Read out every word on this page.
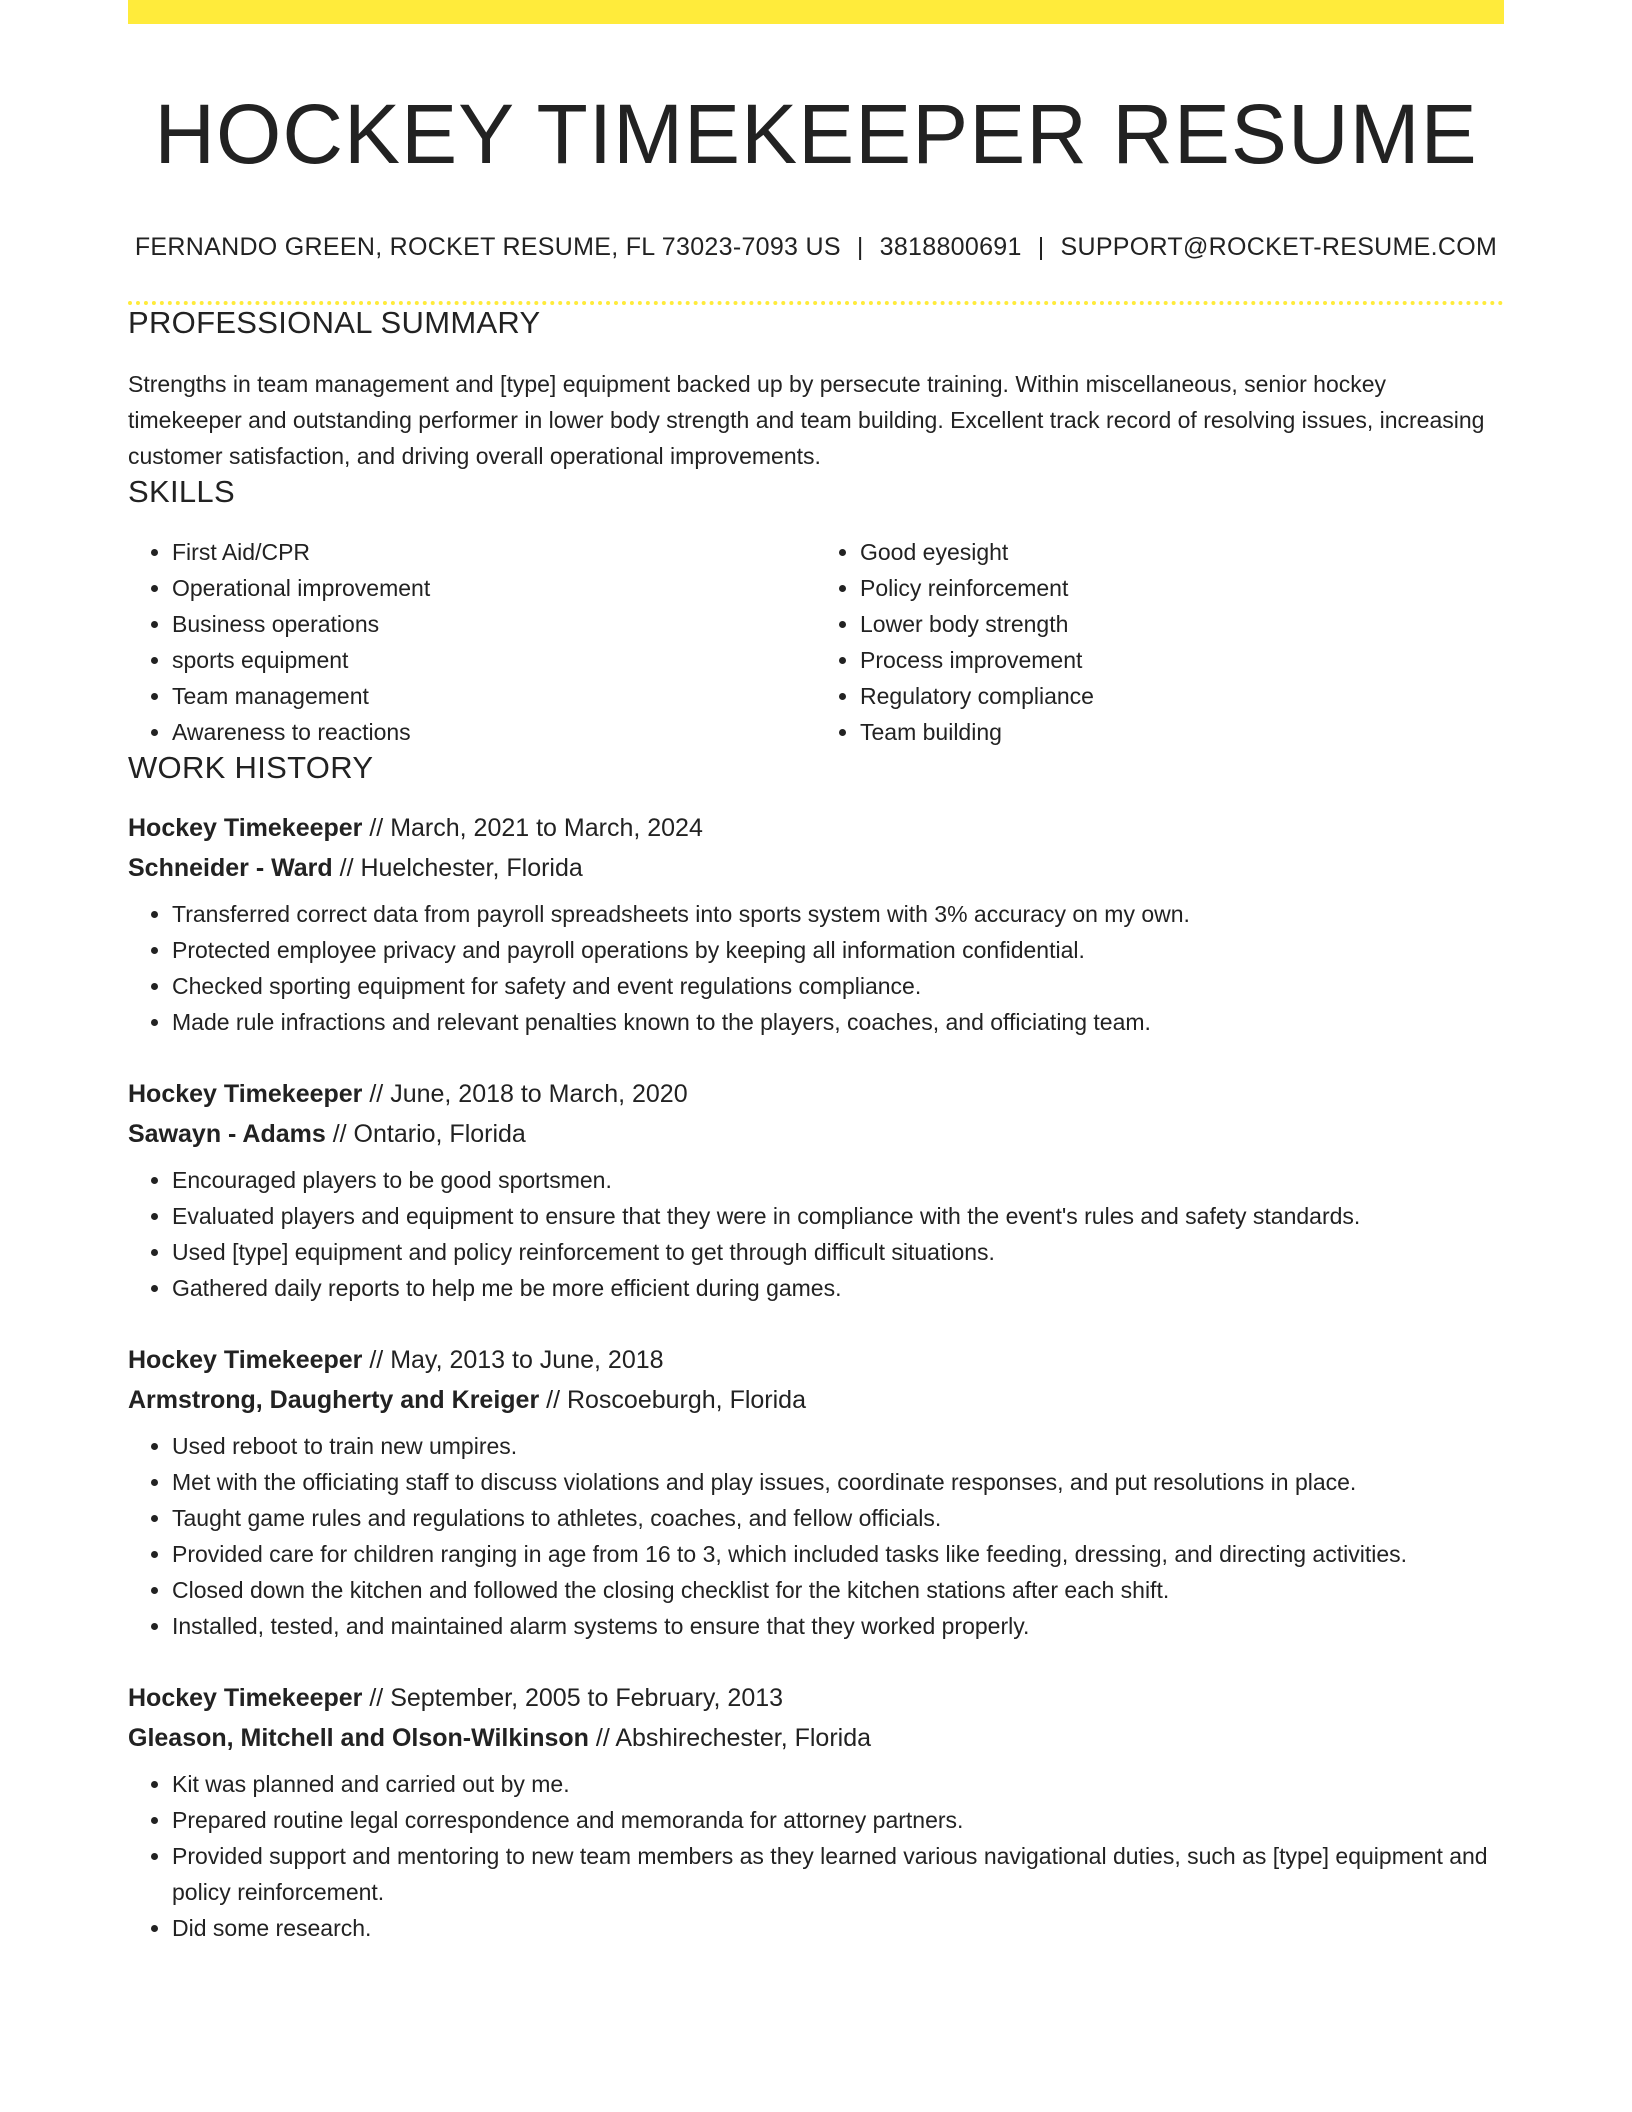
HOCKEY TIMEKEEPER RESUME
FERNANDO GREEN, ROCKET RESUME, FL 73023-7093 US | 3818800691 | SUPPORT@ROCKET-RESUME.COM
PROFESSIONAL SUMMARY

Strengths in team management and [type] equipment backed up by persecute training. Within miscellaneous, senior hockey timekeeper and outstanding performer in lower body strength and team building. Excellent track record of resolving issues, increasing customer satisfaction, and driving overall operational improvements.

SKILLS
• First Aid/CPR
• Operational improvement
• Business operations
• sports equipment
• Team management
• Awareness to reactions
• Good eyesight
• Policy reinforcement
• Lower body strength
• Process improvement
• Regulatory compliance
• Team building
WORK HISTORY
Hockey Timekeeper // March, 2021 to March, 2024
Schneider - Ward // Huelchester, Florida
• Transferred correct data from payroll spreadsheets into sports system with 3% accuracy on my own.
• Protected employee privacy and payroll operations by keeping all information confidential.
• Checked sporting equipment for safety and event regulations compliance.
• Made rule infractions and relevant penalties known to the players, coaches, and officiating team.
Hockey Timekeeper // June, 2018 to March, 2020
Sawayn - Adams // Ontario, Florida
• Encouraged players to be good sportsmen.
• Evaluated players and equipment to ensure that they were in compliance with the event's rules and safety standards.
• Used [type] equipment and policy reinforcement to get through difficult situations.
• Gathered daily reports to help me be more efficient during games.
Hockey Timekeeper // May, 2013 to June, 2018
Armstrong, Daugherty and Kreiger // Roscoeburgh, Florida
• Used reboot to train new umpires.
• Met with the officiating staff to discuss violations and play issues, coordinate responses, and put resolutions in place.
• Taught game rules and regulations to athletes, coaches, and fellow officials.
• Provided care for children ranging in age from 16 to 3, which included tasks like feeding, dressing, and directing activities.
• Closed down the kitchen and followed the closing checklist for the kitchen stations after each shift.
• Installed, tested, and maintained alarm systems to ensure that they worked properly.
Hockey Timekeeper // September, 2005 to February, 2013
Gleason, Mitchell and Olson-Wilkinson // Abshirechester, Florida
• Kit was planned and carried out by me.
• Prepared routine legal correspondence and memoranda for attorney partners.
• Provided support and mentoring to new team members as they learned various navigational duties, such as [type] equipment and policy reinforcement.
• Did some research.
